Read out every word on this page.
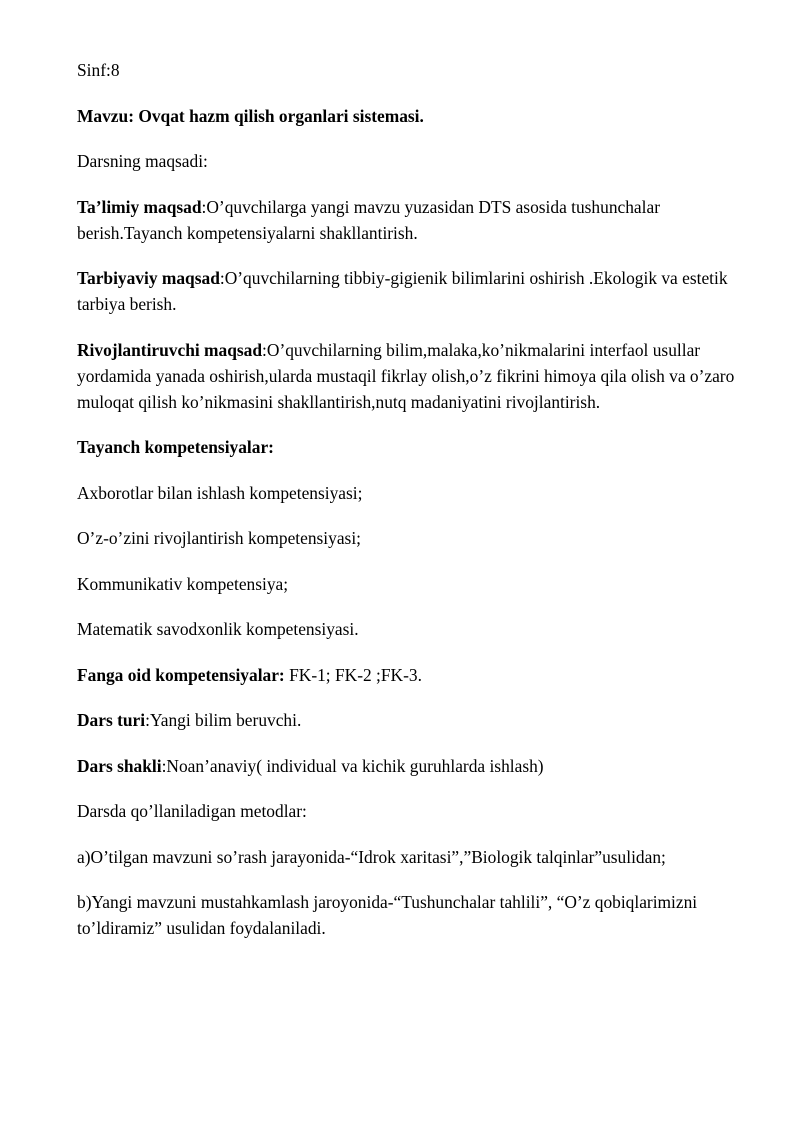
Sinf:8

Mavzu: Ovqat hazm qilish organlari sistemasi.

Darsning maqsadi:

Ta’limiy maqsad:O’quvchilarga yangi mavzu yuzasidan DTS asosida tushunchalar berish.Tayanch kompetensiyalarni shakllantirish.

Tarbiyaviy maqsad:O’quvchilarning tibbiy-gigienik bilimlarini oshirish .Ekologik va estetik tarbiya berish.

Rivojlantiruvchi maqsad:O’quvchilarning bilim,malaka,ko’nikmalarini interfaol usullar yordamida yanada oshirish,ularda mustaqil fikrlay olish,o’z fikrini himoya qila olish va o’zaro muloqat qilish ko’nikmasini shakllantirish,nutq madaniyatini rivojlantirish.

Tayanch kompetensiyalar:

Axborotlar bilan ishlash kompetensiyasi;

O’z-o’zini rivojlantirish kompetensiyasi;

Kommunikativ kompetensiya;

Matematik savodxonlik kompetensiyasi.

Fanga oid kompetensiyalar: FK-1; FK-2 ;FK-3.

Dars turi:Yangi bilim beruvchi.

Dars shakli:Noan’anaviy( individual va kichik guruhlarda ishlash)

Darsda qo’llaniladigan metodlar:

a)O’tilgan mavzuni so’rash jarayonida-“Idrok xaritasi”,”Biologik talqinlar”usulidan;

b)Yangi mavzuni mustahkamlash jaroyonida-“Tushunchalar tahlili”, “O’z qobiqlarimizni to’ldiramiz” usulidan foydalaniladi.
